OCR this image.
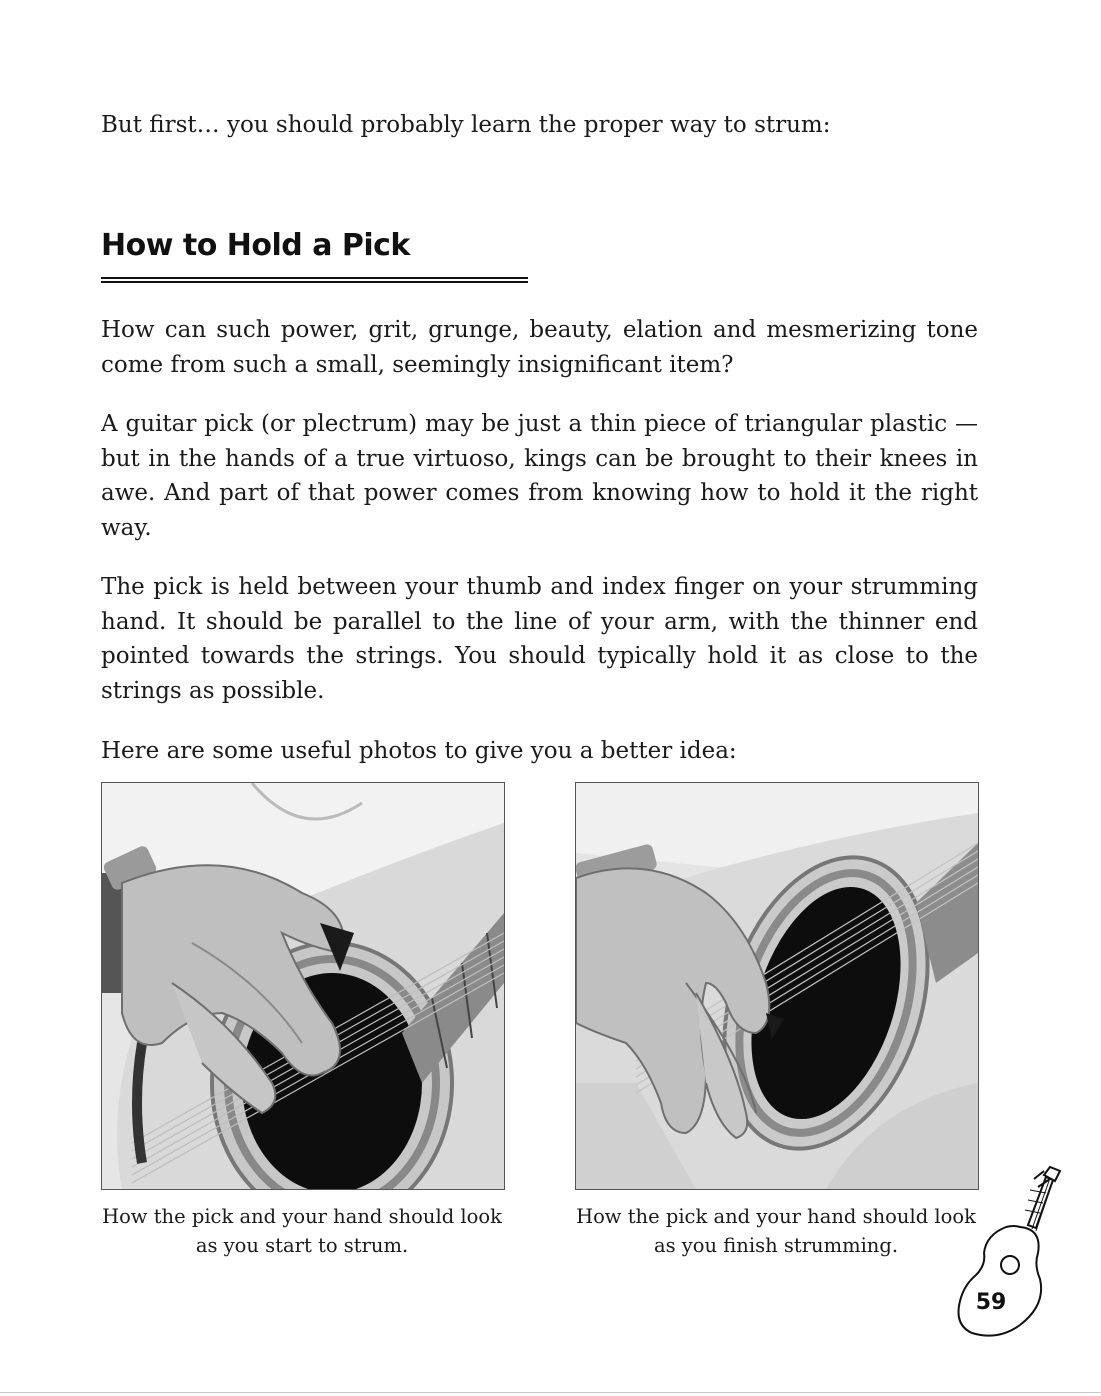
But first… you should probably learn the proper way to strum:

How to Hold a Pick

How can such power, grit, grunge, beauty, elation and mesmerizing tone come from such a small, seemingly insignificant item?

A guitar pick (or plectrum) may be just a thin piece of triangular plastic — but in the hands of a true virtuoso, kings can be brought to their knees in awe. And part of that power comes from knowing how to hold it the right way.

The pick is held between your thumb and index finger on your strumming hand. It should be parallel to the line of your arm, with the thinner end pointed towards the strings. You should typically hold it as close to the strings as possible.

Here are some useful photos to give you a better idea:

How the pick and your hand should look as you start to strum.

How the pick and your hand should look as you finish strumming.

59
